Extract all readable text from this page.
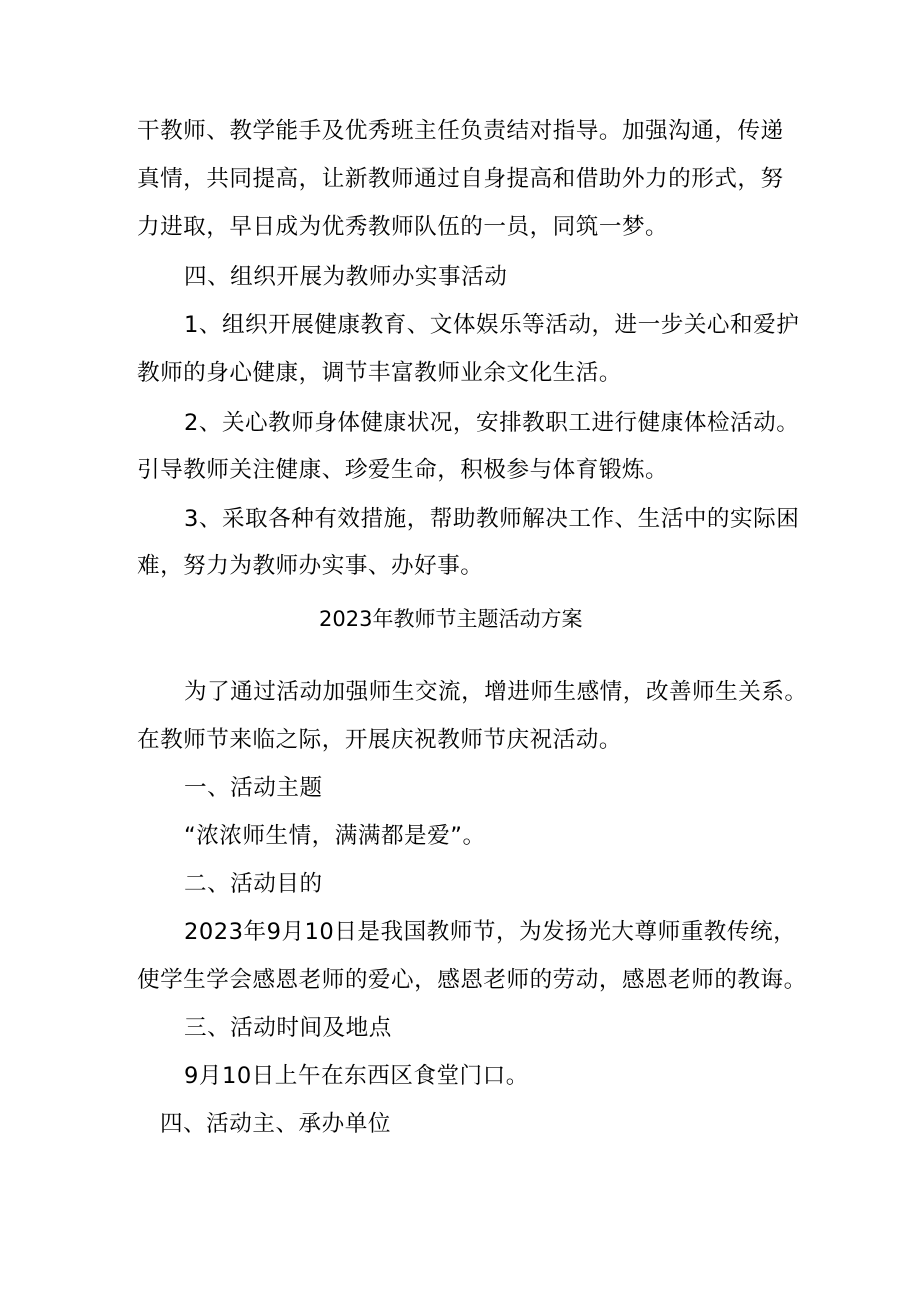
干教师、教学能手及优秀班主任负责结对指导。加强沟通，传递

真情，共同提高，让新教师通过自身提高和借助外力的形式，努

力进取，早日成为优秀教师队伍的一员，同筑一梦。

四、组织开展为教师办实事活动

1、组织开展健康教育、文体娱乐等活动，进一步关心和爱护

教师的身心健康，调节丰富教师业余文化生活。

2、关心教师身体健康状况，安排教职工进行健康体检活动。

引导教师关注健康、珍爱生命，积极参与体育锻炼。

3、采取各种有效措施，帮助教师解决工作、生活中的实际困

难，努力为教师办实事、办好事。

2023年教师节主题活动方案

为了通过活动加强师生交流，增进师生感情，改善师生关系。

在教师节来临之际，开展庆祝教师节庆祝活动。

一、活动主题

“浓浓师生情，满满都是爱”。

二、活动目的

2023年9月10日是我国教师节，为发扬光大尊师重教传统，

使学生学会感恩老师的爱心，感恩老师的劳动，感恩老师的教诲。

三、活动时间及地点

9月10日上午在东西区食堂门口。

四、活动主、承办单位
